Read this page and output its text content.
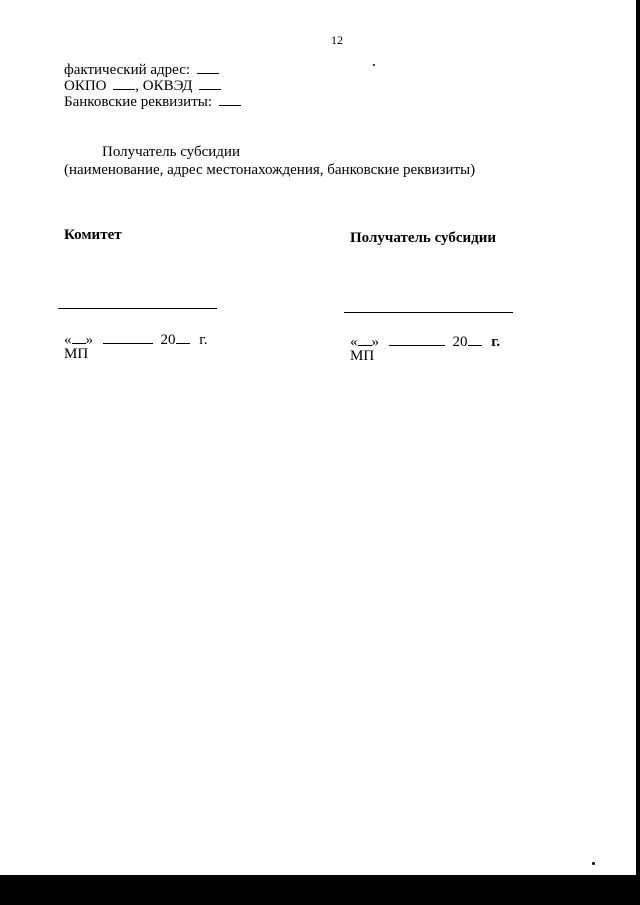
12
фактический адрес:
ОКПО , ОКВЭД
Банковские реквизиты:
Получатель субсидии
(наименование, адрес местонахождения, банковские реквизиты)
Комитет	Получатель субсидии
« »	20 г.
МП
« »	20 г.
МП
